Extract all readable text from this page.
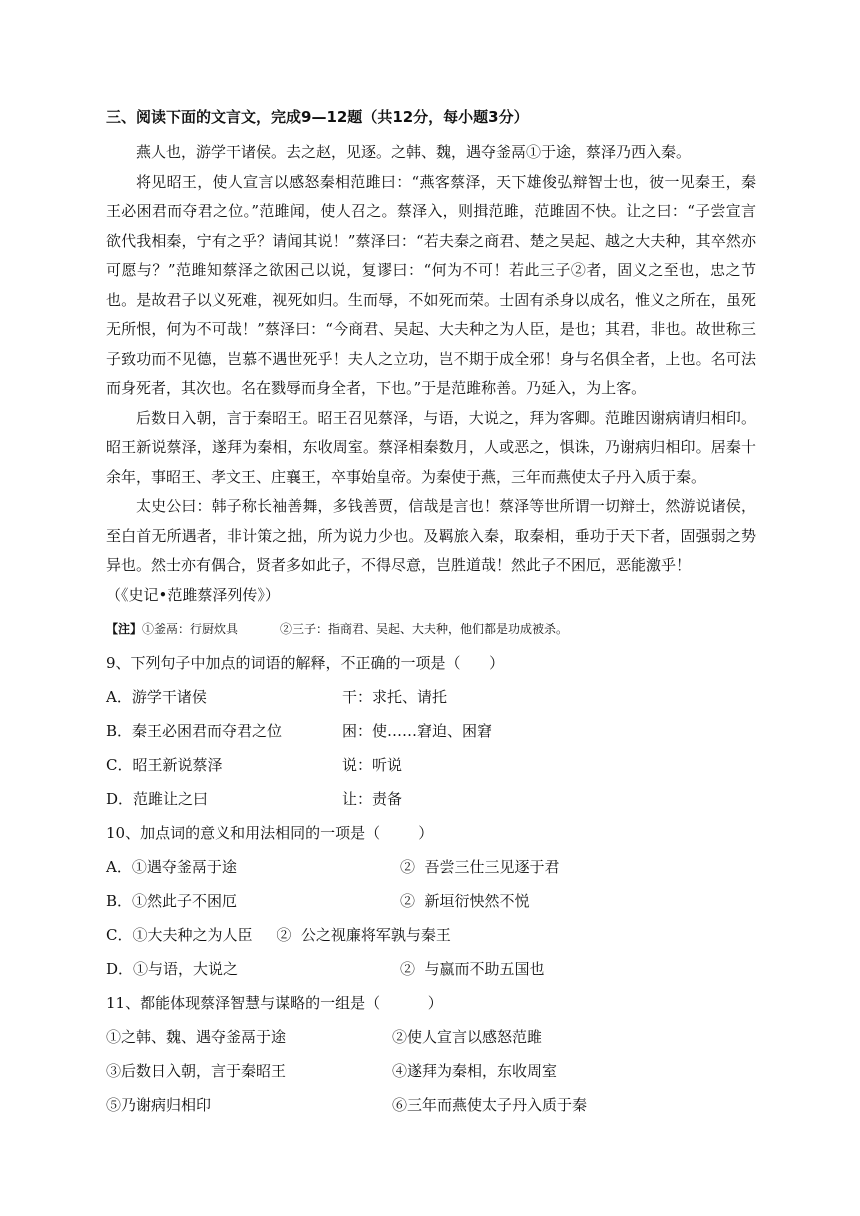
三、阅读下面的文言文，完成9—12题（共12分，每小题3分）

燕人也，游学干诸侯。去之赵，见逐。之韩、魏，遇夺釜鬲①于途，蔡泽乃西入秦。

将见昭王，使人宣言以感怒秦相范雎曰：“燕客蔡泽，天下雄俊弘辩智士也，彼一见秦王，秦王必困君而夺君之位。”范雎闻，使人召之。蔡泽入，则揖范雎，范雎固不快。让之曰：“子尝宣言欲代我相秦，宁有之乎？请闻其说！”蔡泽曰：“若夫秦之商君、楚之吴起、越之大夫种，其卒然亦可愿与？”范雎知蔡泽之欲困己以说，复谬曰：“何为不可！若此三子②者，固义之至也，忠之节也。是故君子以义死难，视死如归。生而辱，不如死而荣。士固有杀身以成名，惟义之所在，虽死无所恨，何为不可哉！”蔡泽曰：“今商君、吴起、大夫种之为人臣，是也；其君，非也。故世称三子致功而不见德，岂慕不遇世死乎！夫人之立功，岂不期于成全邪！身与名俱全者，上也。名可法而身死者，其次也。名在戮辱而身全者，下也。”于是范雎称善。乃延入，为上客。

后数日入朝，言于秦昭王。昭王召见蔡泽，与语，大说之，拜为客卿。范雎因谢病请归相印。昭王新说蔡泽，遂拜为秦相，东收周室。蔡泽相秦数月，人或恶之，惧诛，乃谢病归相印。居秦十余年，事昭王、孝文王、庄襄王，卒事始皇帝。为秦使于燕，三年而燕使太子丹入质于秦。

太史公曰：韩子称长袖善舞，多钱善贾，信哉是言也！蔡泽等世所谓一切辩士，然游说诸侯，至白首无所遇者，非计策之拙，所为说力少也。及羁旅入秦，取秦相，垂功于天下者，固强弱之势异也。然士亦有偶合，贤者多如此子，不得尽意，岂胜道哉！然此子不困厄，恶能激乎！

（《史记•范雎蔡泽列传》）

【注】①釜鬲：行厨炊具           ②三子：指商君、吴起、大夫种，他们都是功成被杀。
9、下列句子中加点的词语的解释，不正确的一项是（      ）
A．游学干诸侯	干：求托、请托
B．秦王必困君而夺君之位	困：使……窘迫、困窘
C．昭王新说蔡泽	说：听说
D．范雎让之曰	让：责备
10、加点词的意义和用法相同的一项是（        ）
A．①遇夺釜鬲于途	②  吾尝三仕三见逐于君
B．①然此子不困厄	②  新垣衍怏然不悦
C．①大夫种之为人臣     ②  公之视廉将军孰与秦王
D．①与语，大说之	②  与嬴而不助五国也
11、都能体现蔡泽智慧与谋略的一组是（          ）
①之韩、魏、遇夺釜鬲于途	②使人宣言以感怒范雎
③后数日入朝，言于秦昭王	④遂拜为秦相，东收周室
⑤乃谢病归相印	⑥三年而燕使太子丹入质于秦
